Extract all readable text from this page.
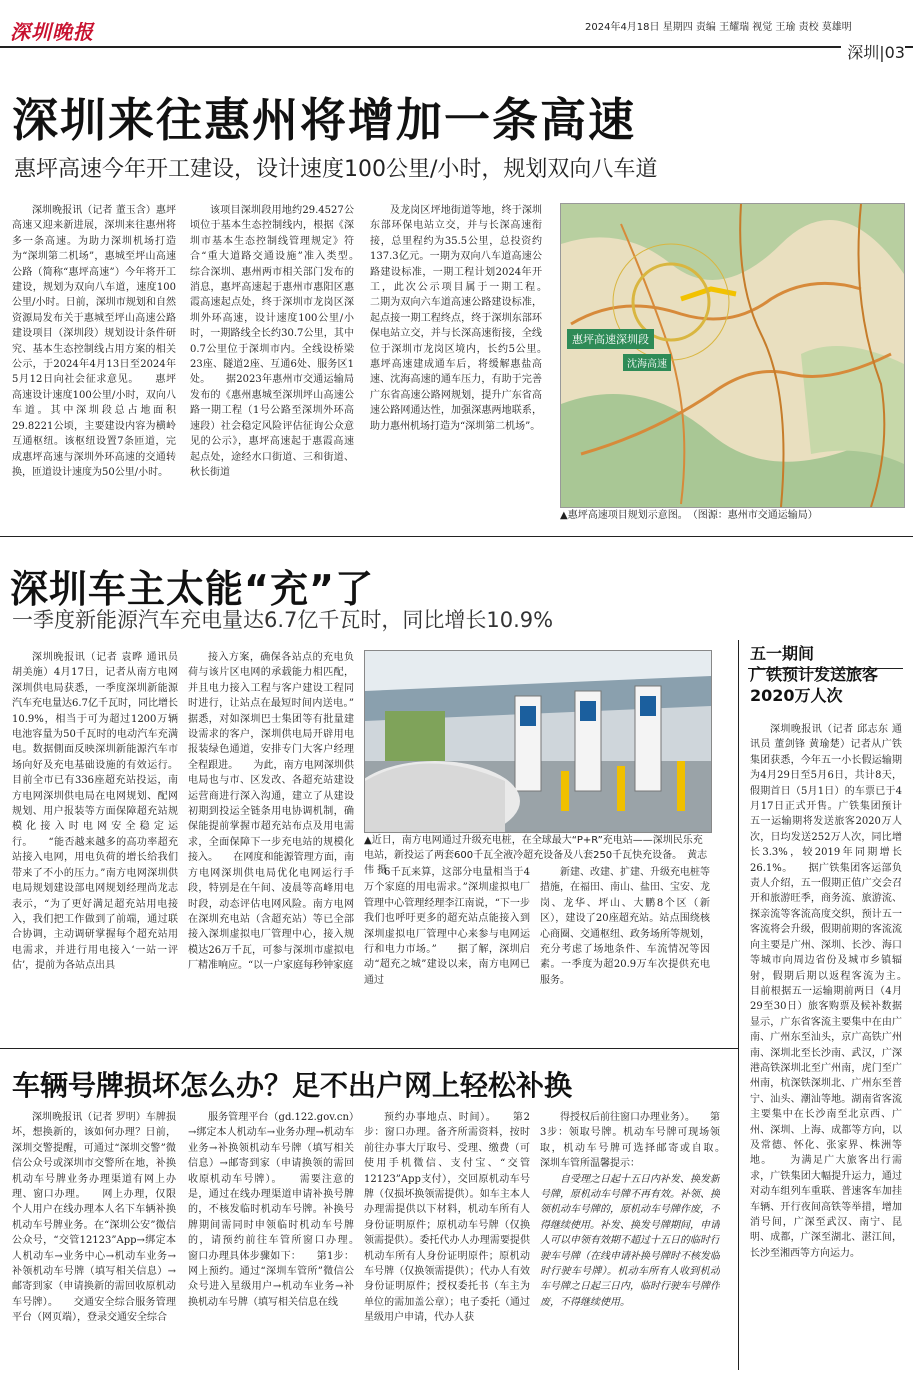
深圳晚报	2024年4月18日 星期四 责编 王耀瑞 视觉 王瑜 责校 莫雄明
深圳|03
深圳来往惠州将增加一条高速
惠坪高速今年开工建设，设计速度100公里/小时，规划双向八车道

深圳晚报讯（记者 董玉含）惠坪高速又迎来新进展，深圳来往惠州将多一条高速。为助力深圳机场打造为“深圳第二机场”，惠城至坪山高速公路（简称“惠坪高速”）今年将开工建设，规划为双向八车道，速度100公里/小时。日前，深圳市规划和自然资源局发布关于惠城至坪山高速公路建设项目（深圳段）规划设计条件研究、基本生态控制线占用方案的相关公示，于2024年4月13日至2024年5月12日向社会征求意见。　　惠坪高速设计速度100公里/小时，双向八车道。其中深圳段总占地面积29.8221公顷，主要建设内容为横岭互通枢纽。该枢纽设置7条匝道，完成惠坪高速与深圳外环高速的交通转换，匝道设计速度为50公里/小时。

该项目深圳段用地约29.4527公顷位于基本生态控制线内，根据《深圳市基本生态控制线管理规定》符合“重大道路交通设施”准入类型。　　综合深圳、惠州两市相关部门发布的消息，惠坪高速起于惠州市惠阳区惠霞高速起点处，终于深圳市龙岗区深圳外环高速，设计速度100公里/小时，一期路线全长约30.7公里，其中0.7公里位于深圳市内。全线设桥梁23座、隧道2座、互通6处、服务区1处。　　据2023年惠州市交通运输局发布的《惠州惠城至深圳坪山高速公路一期工程（1号公路至深圳外环高速段）社会稳定风险评估征询公众意见的公示》，惠坪高速起于惠霞高速起点处，途经水口街道、三和街道、秋长街道

及龙岗区坪地街道等地，终于深圳东部环保电站立交，并与长深高速衔接，总里程约为35.5公里，总投资约137.3亿元。一期为双向八车道高速公路建设标准，一期工程计划2024年开工，此次公示项目属于一期工程。　　二期为双向六车道高速公路建设标准，起点接一期工程终点，终于深圳东部环保电站立交，并与长深高速衔接，全线位于深圳市龙岗区境内，长约5公里。　　惠坪高速建成通车后，将缓解惠盐高速、沈海高速的通车压力，有助于完善广东省高速公路网规划，提升广东省高速公路网通达性，加强深惠两地联系，助力惠州机场打造为“深圳第二机场”。

惠坪高速深圳段
沈海高速
▲惠坪高速项目规划示意图。　（图源：惠州市交通运输局）
深圳车主太能“充”了
一季度新能源汽车充电量达6.7亿千瓦时，同比增长10.9%

深圳晚报讯（记者 袁晔 通讯员 胡美施）4月17日，记者从南方电网深圳供电局获悉，一季度深圳新能源汽车充电量达6.7亿千瓦时，同比增长10.9%，相当于可为超过1200万辆电池容量为50千瓦时的电动汽车充满电。数据側面反映深圳新能源汽车市场向好及充电基础设施的有效运行。目前全市已有336座超充站投运，南方电网深圳供电局在电网规划、配网规划、用户报装等方面保障超充站规模化接入时电网安全稳定运行。　　“能否越来越多的高功率超充站接入电网，用电负荷的增长给我们带来了不小的压力。”南方电网深圳供电局规划建设部电网规划经理尚龙志表示，“为了更好满足超充站用电接入，我们把工作做到了前端，通过联合协调，主动调研掌握每个超充站用电需求，并进行用电接入‘一站一评估’，提前为各站点出具

接入方案，确保各站点的充电负荷与该片区电网的承载能力相匹配，并且电力接入工程与客户建设工程同时进行，让站点在最短时间内送电。”　　据悉，对如深圳巴士集团等有批量建设需求的客户，深圳供电局开辟用电报装绿色通道，安排专门大客户经理全程跟进。　　为此，南方电网深圳供电局也与市、区发改、各超充站建设运营商进行深入沟通，建立了从建设初期到投运全链条用电协调机制，确保能提前掌握市超充站布点及用电需求，全面保障下一步充电站的规模化接入。　　在网度和能源管理方面，南方电网深圳供电局优化电网运行手段，特别是在午间、凌晨等高峰用电时段，动态评估电网风险。南方电网在深圳充电站（含超充站）等已全部接入深圳虚拟电厂管理中心，接入规模达26万千瓦，可参与深圳市虚拟电厂精准响应。“以一户家庭每秒钟家庭

▲近日，南方电网通过升级充电桩，在全球最大“P+R”充电站——深圳民乐充电站，新投运了两套600千瓦全液冷超充设备及八套250千瓦快充设备。　黄志伟 摄

6千瓦来算，这部分电量相当于4万个家庭的用电需求。”深圳虚拟电厂管理中心管理经理李江南说，“下一步我们也呼吁更多的超充站点能接入到深圳虚拟电厂管理中心来参与电网运行和电力市场。”　　据了解，深圳启动“超充之城”建设以来，南方电网已通过

新建、改建、扩建、升级充电桩等措施，在福田、南山、盐田、宝安、龙岗、龙华、坪山、大鹏8个区（新区），建设了20座超充站。站点围绕核心商圈、交通枢纽、政务场所等规划，充分考虑了场地条件、车流情况等因素。一季度为超20.9万车次提供充电服务。

五一期间
广铁预计发送旅客
2020万人次

深圳晚报讯（记者 邱志东 通讯员 董剑锋 黄瑜楚）记者从广铁集团获悉，今年五一小长假运输期为4月29日至5月6日，共计8天，假期首日（5月1日）的车票已于4月17日正式开售。广铁集团预计五一运输期将发送旅客2020万人次，日均发送252万人次，同比增长3.3%，较2019年同期增长26.1%。　　据广铁集团客运部负责人介绍，五一假期正值广交会召开和旅游旺季，商务流、旅游流、探亲流等客流高度交织，预计五一客流将会升级，假期前期的客流流向主要是广州、深圳、长沙、海口等城市向周边省份及城市乡镇辐射，假期后期以返程客流为主。　　目前根据五一运输期前两日（4月29至30日）旅客购票及候补数据显示，广东省客流主要集中在由广南、广州东至汕头，京广高铁广州南、深圳北至长沙南、武汉，广深港高铁深圳北至广州南，虎门至广州南，杭深铁深圳北、广州东至普宁、汕头、潮汕等地。湖南省客流主要集中在长沙南至北京西、广州、深圳、上海、成都等方向，以及常德、怀化、张家界、株洲等地。　　为满足广大旅客出行需求，广铁集团大幅提升运力，通过对动车组列车重联、普速客车加挂车辆、开行夜间高铁等举措，增加消号间，广深至武汉、南宁、昆明、成都，广深至湖北、湛江间，长沙至湘西等方向运力。

车辆号牌损坏怎么办？足不出户网上轻松补换

深圳晚报讯（记者 罗明）车牌损坏，想换新的，该如何办理？日前，深圳交警提醒，可通过“深圳交警”微信公众号或深圳市交警所在地，补换机动车号牌业务办理渠道有网上办理、窗口办理。　　网上办理，仅限个人用户在线办理本人名下车辆补换机动车号牌业务。在“深圳公安”微信公众号，“交管12123”App→绑定本人机动车→业务中心→机动车业务→补领机动车号牌（填写相关信息）→邮寄到家（申请换新的需回收原机动车号牌）。　　交通安全综合服务管理平台（网页端），登录交通安全综合

服务管理平台（gd.122.gov.cn）→绑定本人机动车→业务办理→机动车业务→补换领机动车号牌（填写相关信息）→邮寄到家（申请换领的需回收原机动车号牌）。　　需要注意的是，通过在线办理渠道申请补换号牌的，不核发临时机动车号牌。补换号牌期间需同时申领临时机动车号牌的，请预约前往车管所窗口办理。　　窗口办理具体步骤如下：　　第1步：网上预约。通过“深圳车管所”微信公众号进入星级用户→机动车业务→补换机动车号牌（填写相关信息在线

预约办事地点、时间）。　　第2步：窗口办理。备齐所需资料，按时前往办事大厅取号、受理、缴费（可使用手机微信、支付宝、“交管12123”App支付），交回原机动车号牌（仅损坏换领需提供）。如车主本人办理需提供以下材料，机动车所有人身份证明原件；原机动车号牌（仅换领需提供）。委托代办人办理需要提供机动车所有人身份证明原件；原机动车号牌（仅换领需提供）；代办人有效身份证明原件；授权委托书（车主为单位的需加盖公章）；电子委托（通过星级用户申请，代办人获

得授权后前往窗口办理业务）。　　第3步：领取号牌。机动车号牌可现场领取，机动车号牌可选择邮寄或自取。　　深圳车管所温馨提示：

自受理之日起十五日内补发、换发新号牌，原机动车号牌不再有效。补领、换领机动车号牌的，原机动车号牌作废，不得继续使用。补发、换发号牌期间，申请人可以申领有效期不超过十五日的临时行驶车号牌（在线申请补换号牌时不核发临时行驶车号牌）。机动车所有人收到机动车号牌之日起三日内，临时行驶车号牌作废，不得继续使用。
